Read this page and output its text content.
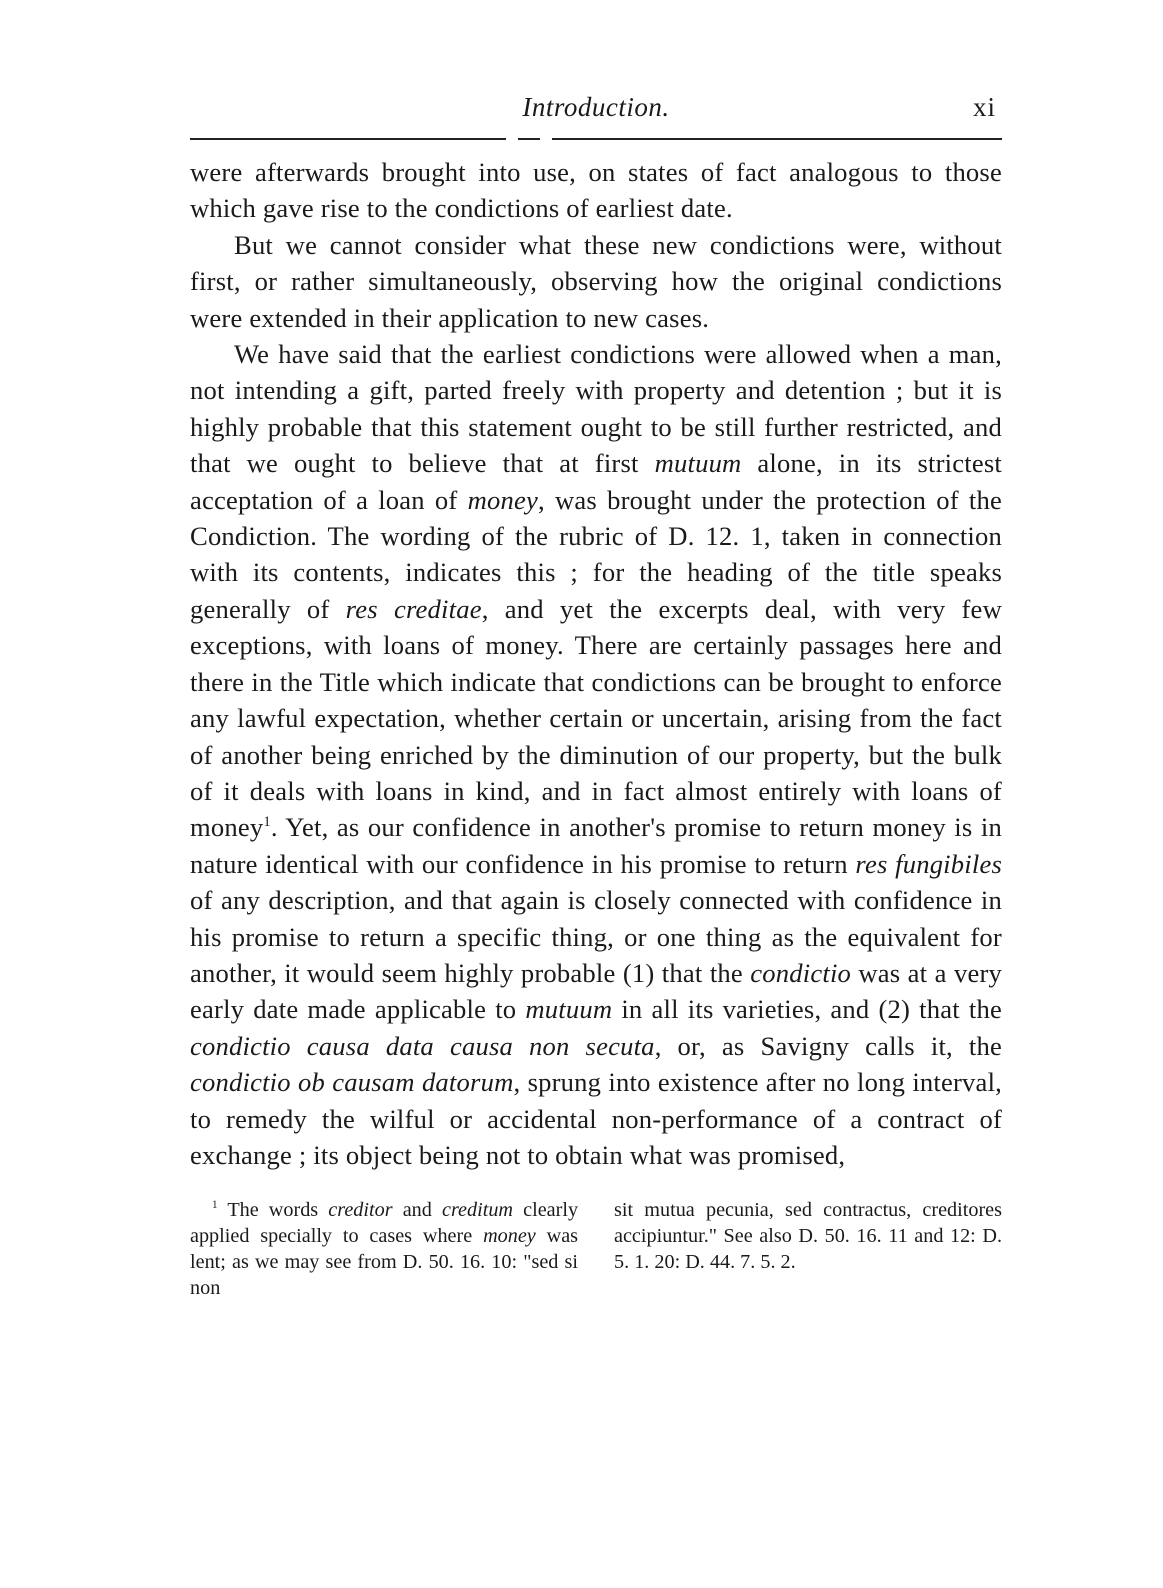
Introduction.	xi

were afterwards brought into use, on states of fact analogous to those which gave rise to the condictions of earliest date.

But we cannot consider what these new condictions were, without first, or rather simultaneously, observing how the original condictions were extended in their application to new cases.

We have said that the earliest condictions were allowed when a man, not intending a gift, parted freely with property and detention ; but it is highly probable that this statement ought to be still further restricted, and that we ought to believe that at first mutuum alone, in its strictest acceptation of a loan of money, was brought under the protection of the Condiction. The wording of the rubric of D. 12. 1, taken in connection with its contents, indicates this ; for the heading of the title speaks generally of res creditae, and yet the excerpts deal, with very few exceptions, with loans of money. There are certainly passages here and there in the Title which indicate that condictions can be brought to enforce any lawful expectation, whether certain or uncertain, arising from the fact of another being enriched by the diminution of our property, but the bulk of it deals with loans in kind, and in fact almost entirely with loans of money$^1$. Yet, as our confidence in another's promise to return money is in nature identical with our confidence in his promise to return res fungibiles of any description, and that again is closely connected with confidence in his promise to return a specific thing, or one thing as the equivalent for another, it would seem highly probable (1) that the condictio was at a very early date made applicable to mutuum in all its varieties, and (2) that the condictio causa data causa non secuta, or, as Savigny calls it, the condictio ob causam datorum, sprung into existence after no long interval, to remedy the wilful or accidental non-performance of a contract of exchange ; its object being not to obtain what was promised,

$^1$ The words creditor and creditum clearly applied specially to cases where money was lent; as we may see from D. 50. 16. 10: "sed si non
sit mutua pecunia, sed contractus, creditores accipiuntur." See also D. 50. 16. 11 and 12: D. 5. 1. 20: D. 44. 7. 5. 2.
